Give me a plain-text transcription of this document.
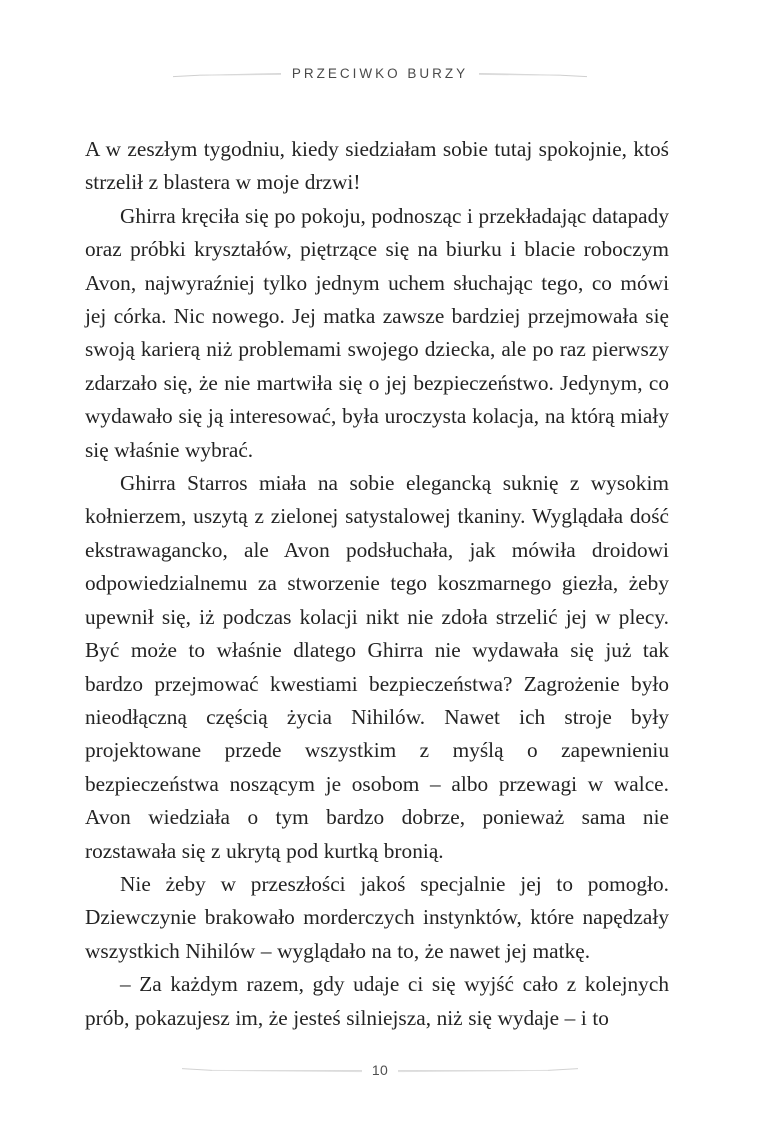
PRZECIWKO BURZY

A w zeszłym tygodniu, kiedy siedziałam sobie tutaj spokojnie, ktoś strzelił z blastera w moje drzwi!

Ghirra kręciła się po pokoju, podnosząc i przekładając datapady oraz próbki kryształów, piętrzące się na biurku i blacie roboczym Avon, najwyraźniej tylko jednym uchem słuchając tego, co mówi jej córka. Nic nowego. Jej matka zawsze bardziej przejmowała się swoją karierą niż problemami swojego dziecka, ale po raz pierwszy zdarzało się, że nie martwiła się o jej bezpieczeństwo. Jedynym, co wydawało się ją interesować, była uroczysta kolacja, na którą miały się właśnie wybrać.

Ghirra Starros miała na sobie elegancką suknię z wysokim kołnierzem, uszytą z zielonej satystalowej tkaniny. Wyglądała dość ekstrawagancko, ale Avon podsłuchała, jak mówiła droidowi odpowiedzialnemu za stworzenie tego koszmarnego giezła, żeby upewnił się, iż podczas kolacji nikt nie zdoła strzelić jej w plecy. Być może to właśnie dlatego Ghirra nie wydawała się już tak bardzo przejmować kwestiami bezpieczeństwa? Zagrożenie było nieodłączną częścią życia Nihilów. Nawet ich stroje były projektowane przede wszystkim z myślą o zapewnieniu bezpieczeństwa noszącym je osobom – albo przewagi w walce. Avon wiedziała o tym bardzo dobrze, ponieważ sama nie rozstawała się z ukrytą pod kurtką bronią.

Nie żeby w przeszłości jakoś specjalnie jej to pomogło. Dziewczynie brakowało morderczych instynktów, które napędzały wszystkich Nihilów – wyglądało na to, że nawet jej matkę.

– Za każdym razem, gdy udaje ci się wyjść cało z kolejnych prób, pokazujesz im, że jesteś silniejsza, niż się wydaje – i to

10
